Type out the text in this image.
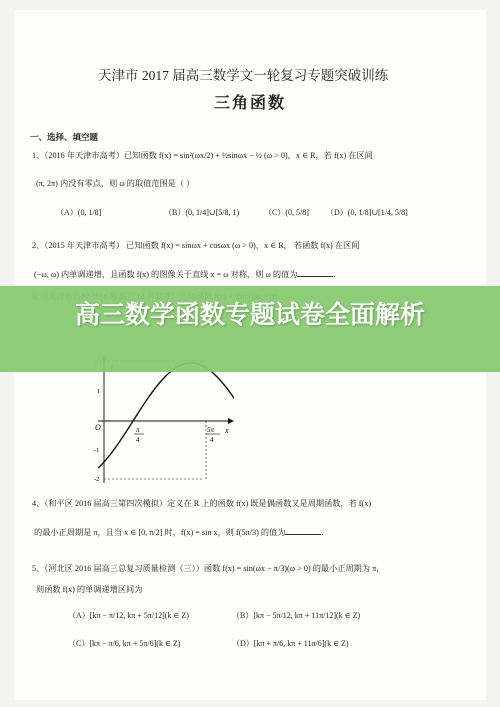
天津市 2017 届高三数学文一轮复习专题突破训练
三角函数
一、选择、填空题
1、（2016 年天津市高考）已知函数 f(x) = sin²(ωx/2) + ½sinωx − ½ (ω > 0)，x ∈ R，若 f(x) 在区间
(π, 2π) 内没有零点，则 ω 的取值范围是（ ）
（A）(0, 1/8]	（B）(0, 1/4]∪[5/8, 1)	（C）(0, 5/8] （D）(0, 1/8]∪[1/4, 5/8]
2、（2015 年天津市高考） 已知函数 f(x) = sinωx + cosωx (ω > 0)，x ∈ R， 若函数 f(x) 在区间
(−ω, ω) 内单调递增，且函数 f(x) 的图像关于直线 x = ω 对称，则 ω 的值为	.
x
O
1
-1
-2
π
4
5π
4
4、（和平区 2016 届高三第四次模拟）定义在 R 上的函数 f(x) 既是偶函数又是周期函数，若 f(x)
的最小正周期是 π，且当 x ∈ [0, π/2] 时，f(x) = sin x，则 f(5π/3) 的值为	.
5、（河北区 2016 届高三总复习质量检测（三））函数 f(x) = sin(ωx − π/3)(ω > 0) 的最小正周期为 π，
则函数 f(x) 的单调递增区间为
（A）[kπ − π/12, kπ + 5π/12](k ∈ Z)	（B）[kπ − 5π/12, kπ + 11π/12](k ∈ Z)
（C）[kπ − π/6, kπ + 5π/6](k ∈ Z)	（D）[kπ + π/6, kπ + 11π/6](k ∈ Z)
高三数学函数专题试卷全面解析
